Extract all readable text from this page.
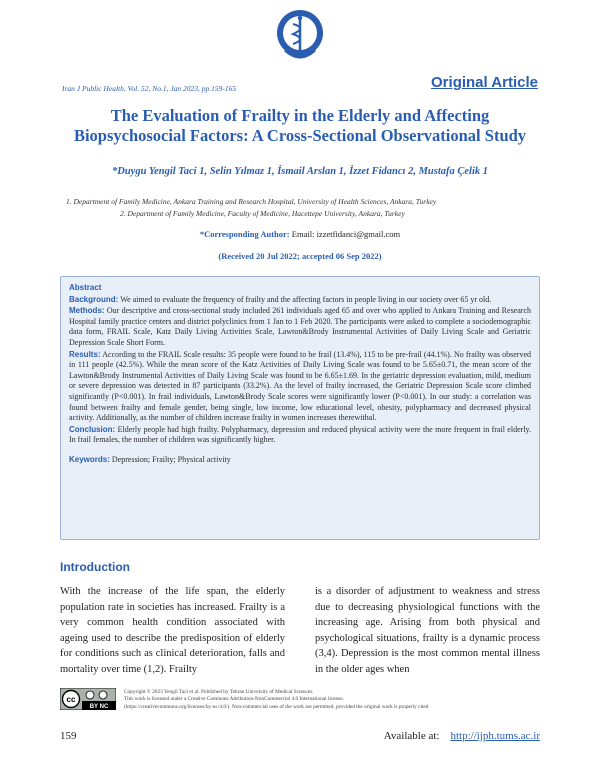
Iran J Public Health, Vol. 52, No.1, Jan 2023, pp.159-165	Original Article
The Evaluation of Frailty in the Elderly and Affecting
Biopsychosocial Factors: A Cross-Sectional Observational Study
*Duygu Yengil Taci 1, Selin Yılmaz 1, İsmail Arslan 1, İzzet Fidancı 2, Mustafa Çelik 1
1. Department of Family Medicine, Ankara Training and Research Hospital, University of Health Sciences, Ankara, Turkey
2. Department of Family Medicine, Faculty of Medicine, Hacettepe University, Ankara, Turkey
*Corresponding Author: Email: izzetfidanci@gmail.com
(Received 20 Jul 2022; accepted 06 Sep 2022)

Abstract

Background: We aimed to evaluate the frequency of frailty and the affecting factors in people living in our society over 65 yr old.

Methods: Our descriptive and cross-sectional study included 261 individuals aged 65 and over who applied to Ankara Training and Research Hospital family practice centers and district polyclinics from 1 Jan to 1 Feb 2020. The participants were asked to complete a sociodemographic data form, FRAIL Scale, Katz Daily Living Activities Scale, Lawton&Brody Instrumental Activities of Daily Living Scale and Geriatric Depression Scale Short Form.

Results: According to the FRAIL Scale results: 35 people were found to be frail (13.4%), 115 to be pre-frail (44.1%). No frailty was observed in 111 people (42.5%). While the mean score of the Katz Activities of Daily Living Scale was found to be 5.65±0.71, the mean score of the Lawton&Brody Instrumental Activities of Daily Living Scale was found to be 6.65±1.69. In the geriatric depression evaluation, mild, medium or severe depression was detected in 87 participants (33.2%). As the level of frailty increased, the Geriatric Depression Scale score climbed significantly (P<0.001). In frail individuals, Lawton&Brody Scale scores were significantly lower (P<0.001). In our study: a correlation was found between frailty and female gender, being single, low income, low educational level, obesity, polypharmacy and decreased physical activity. Additionally, as the number of children increase frailty in women increases therewithal.

Conclusion: Elderly people had high frailty. Polypharmacy, depression and reduced physical activity were the more frequent in frail elderly. In frail females, the number of children was significantly higher.

Keywords: Depression; Frailty; Physical activity

Introduction
With the increase of the life span, the elderly population rate in societies has increased. Frailty is a very common health condition associated with ageing used to describe the predisposition of elderly for conditions such as clinical deterioration, falls and mortality over time (1,2). Frailty
is a disorder of adjustment to weakness and stress due to decreasing physiological functions with the increasing age. Arising from both physical and psychological situations, frailty is a dynamic process (3,4). Depression is the most common mental illness in the older ages when
cc
BY NC
Copyright © 2023 Yengil Taci et al. Published by Tehran University of Medical Sciences.
This work is licensed under a Creative Commons Attribution-NonCommercial 4.0 International license.
(https://creativecommons.org/licenses/by-nc/4.0/). Non-commercial uses of the work are permitted, provided the original work is properly cited
159	Available at: http://ijph.tums.ac.ir
